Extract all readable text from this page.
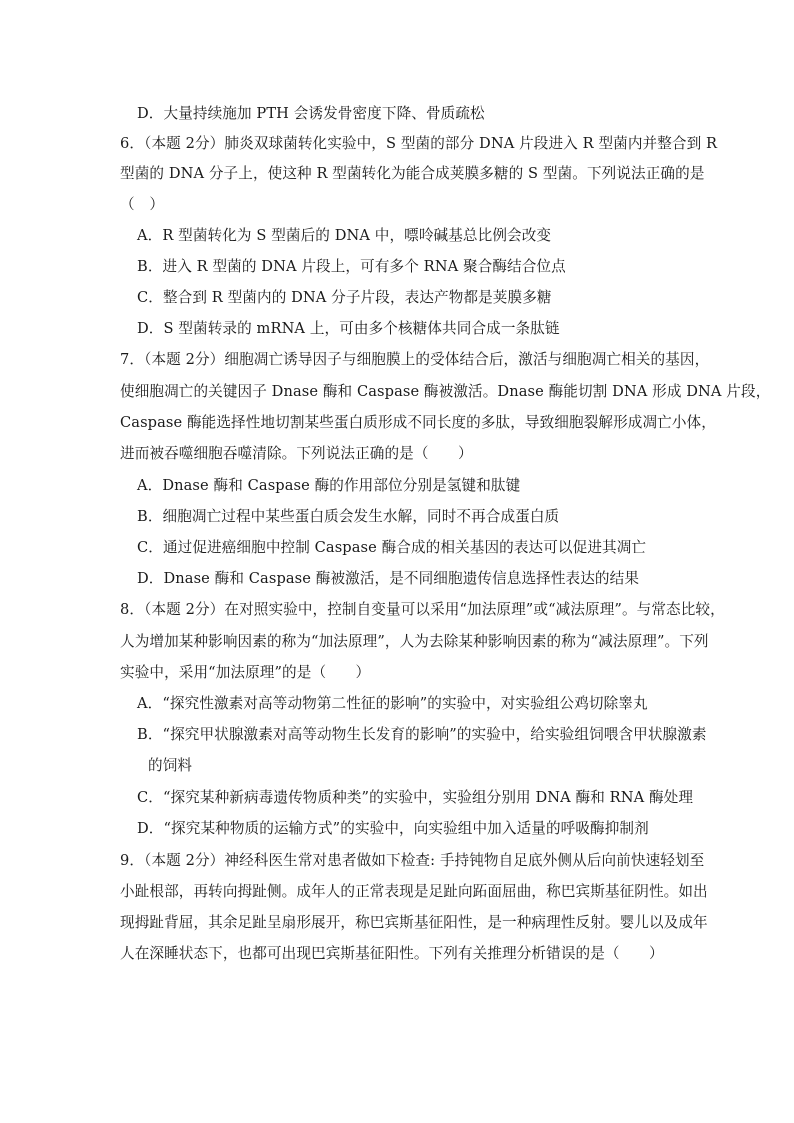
D．大量持续施加 PTH 会诱发骨密度下降、骨质疏松
6．（本题 2分）肺炎双球菌转化实验中，S 型菌的部分 DNA 片段进入 R 型菌内并整合到 R
型菌的 DNA 分子上，使这种 R 型菌转化为能合成荚膜多糖的 S 型菌。下列说法正确的是
（　）
A．R 型菌转化为 S 型菌后的 DNA 中，嘌呤碱基总比例会改变
B．进入 R 型菌的 DNA 片段上，可有多个 RNA 聚合酶结合位点
C．整合到 R 型菌内的 DNA 分子片段，表达产物都是荚膜多糖
D．S 型菌转录的 mRNA 上，可由多个核糖体共同合成一条肽链
7．（本题 2分）细胞凋亡诱导因子与细胞膜上的受体结合后，激活与细胞凋亡相关的基因，
使细胞凋亡的关键因子 Dnase 酶和 Caspase 酶被激活。Dnase 酶能切割 DNA 形成 DNA 片段，
Caspase 酶能选择性地切割某些蛋白质形成不同长度的多肽，导致细胞裂解形成凋亡小体，
进而被吞噬细胞吞噬清除。下列说法正确的是（　　）
A．Dnase 酶和 Caspase 酶的作用部位分别是氢键和肽键
B．细胞凋亡过程中某些蛋白质会发生水解，同时不再合成蛋白质
C．通过促进癌细胞中控制 Caspase 酶合成的相关基因的表达可以促进其凋亡
D．Dnase 酶和 Caspase 酶被激活，是不同细胞遗传信息选择性表达的结果
8．（本题 2分）在对照实验中，控制自变量可以采用“加法原理”或“减法原理”。与常态比较，
人为增加某种影响因素的称为“加法原理”，人为去除某种影响因素的称为“减法原理”。下列
实验中，采用“加法原理”的是（　　）
A．“探究性激素对高等动物第二性征的影响”的实验中，对实验组公鸡切除睾丸
B．“探究甲状腺激素对高等动物生长发育的影响”的实验中，给实验组饲喂含甲状腺激素
的饲料
C．“探究某种新病毒遗传物质种类”的实验中，实验组分别用 DNA 酶和 RNA 酶处理
D．“探究某种物质的运输方式”的实验中，向实验组中加入适量的呼吸酶抑制剂
9．（本题 2分）神经科医生常对患者做如下检查: 手持钝物自足底外侧从后向前快速轻划至
小趾根部，再转向拇趾侧。成年人的正常表现是足趾向跖面屈曲，称巴宾斯基征阴性。如出
现拇趾背屈，其余足趾呈扇形展开，称巴宾斯基征阳性，是一种病理性反射。婴儿以及成年
人在深睡状态下，也都可出现巴宾斯基征阳性。下列有关推理分析错误的是（　　）
